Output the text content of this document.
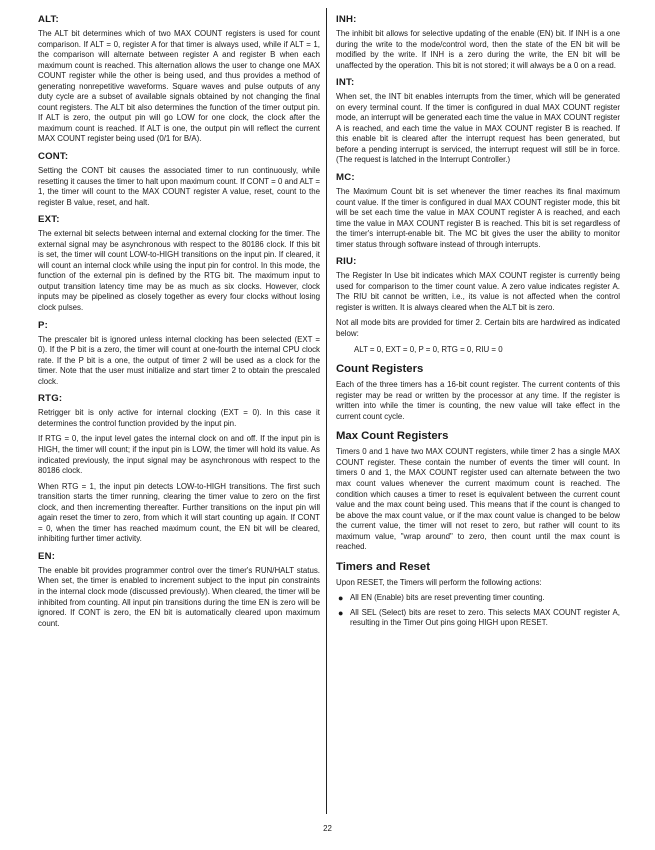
ALT:

The ALT bit determines which of two MAX COUNT registers is used for count comparison. If ALT = 0, register A for that timer is always used, while if ALT = 1, the comparison will alternate between register A and register B when each maximum count is reached. This alternation allows the user to change one MAX COUNT register while the other is being used, and thus provides a method of generating nonrepetitive waveforms. Square waves and pulse outputs of any duty cycle are a subset of available signals obtained by not changing the final count registers. The ALT bit also determines the function of the timer output pin. If ALT is zero, the output pin will go LOW for one clock, the clock after the maximum count is reached. If ALT is one, the output pin will reflect the current MAX COUNT register being used (0/1 for B/A).

CONT:

Setting the CONT bit causes the associated timer to run continuously, while resetting it causes the timer to halt upon maximum count. If CONT = 0 and ALT = 1, the timer will count to the MAX COUNT register A value, reset, count to the register B value, reset, and halt.

EXT:

The external bit selects between internal and external clocking for the timer. The external signal may be asynchronous with respect to the 80186 clock. If this bit is set, the timer will count LOW-to-HIGH transitions on the input pin. If cleared, it will count an internal clock while using the input pin for control. In this mode, the function of the external pin is defined by the RTG bit. The maximum input to output transition latency time may be as much as six clocks. However, clock inputs may be pipelined as closely together as every four clocks without losing clock pulses.

P:

The prescaler bit is ignored unless internal clocking has been selected (EXT = 0). If the P bit is a zero, the timer will count at one-fourth the internal CPU clock rate. If the P bit is a one, the output of timer 2 will be used as a clock for the timer. Note that the user must initialize and start timer 2 to obtain the prescaled clock.

RTG:

Retrigger bit is only active for internal clocking (EXT = 0). In this case it determines the control function provided by the input pin.

If RTG = 0, the input level gates the internal clock on and off. If the input pin is HIGH, the timer will count; if the input pin is LOW, the timer will hold its value. As indicated previously, the input signal may be asynchronous with respect to the 80186 clock.

When RTG = 1, the input pin detects LOW-to-HIGH transitions. The first such transition starts the timer running, clearing the timer value to zero on the first clock, and then incrementing thereafter. Further transitions on the input pin will again reset the timer to zero, from which it will start counting up again. If CONT = 0, when the timer has reached maximum count, the EN bit will be cleared, inhibiting further timer activity.

EN:

The enable bit provides programmer control over the timer's RUN/HALT status. When set, the timer is enabled to increment subject to the input pin constraints in the internal clock mode (discussed previously). When cleared, the timer will be inhibited from counting. All input pin transitions during the time EN is zero will be ignored. If CONT is zero, the EN bit is automatically cleared upon maximum count.

INH:

The inhibit bit allows for selective updating of the enable (EN) bit. If INH is a one during the write to the mode/control word, then the state of the EN bit will be modified by the write. If INH is a zero during the write, the EN bit will be unaffected by the operation. This bit is not stored; it will always be a 0 on a read.

INT:

When set, the INT bit enables interrupts from the timer, which will be generated on every terminal count. If the timer is configured in dual MAX COUNT register mode, an interrupt will be generated each time the value in MAX COUNT register A is reached, and each time the value in MAX COUNT register B is reached. If this enable bit is cleared after the interrupt request has been generated, but before a pending interrupt is serviced, the interrupt request will still be in force. (The request is latched in the Interrupt Controller.)

MC:

The Maximum Count bit is set whenever the timer reaches its final maximum count value. If the timer is configured in dual MAX COUNT register mode, this bit will be set each time the value in MAX COUNT register A is reached, and each time the value in MAX COUNT register B is reached. This bit is set regardless of the timer's interrupt-enable bit. The MC bit gives the user the ability to monitor timer status through software instead of through interrupts.

RIU:

The Register In Use bit indicates which MAX COUNT register is currently being used for comparison to the timer count value. A zero value indicates register A. The RIU bit cannot be written, i.e., its value is not affected when the control register is written. It is always cleared when the ALT bit is zero.

Not all mode bits are provided for timer 2. Certain bits are hardwired as indicated below:

ALT = 0, EXT = 0, P = 0, RTG = 0, RIU = 0
Count Registers

Each of the three timers has a 16-bit count register. The current contents of this register may be read or written by the processor at any time. If the register is written into while the timer is counting, the new value will take effect in the current count cycle.

Max Count Registers

Timers 0 and 1 have two MAX COUNT registers, while timer 2 has a single MAX COUNT register. These contain the number of events the timer will count. In timers 0 and 1, the MAX COUNT register used can alternate between the two max count values whenever the current maximum count is reached. The condition which causes a timer to reset is equivalent between the current count value and the max count being used. This means that if the count is changed to be above the max count value, or if the max count value is changed to be below the current value, the timer will not reset to zero, but rather will count to its maximum value, "wrap around" to zero, then count until the max count is reached.

Timers and Reset

Upon RESET, the Timers will perform the following actions:

● All EN (Enable) bits are reset preventing timer counting.
● All SEL (Select) bits are reset to zero. This selects MAX COUNT register A, resulting in the Timer Out pins going HIGH upon RESET.
22
